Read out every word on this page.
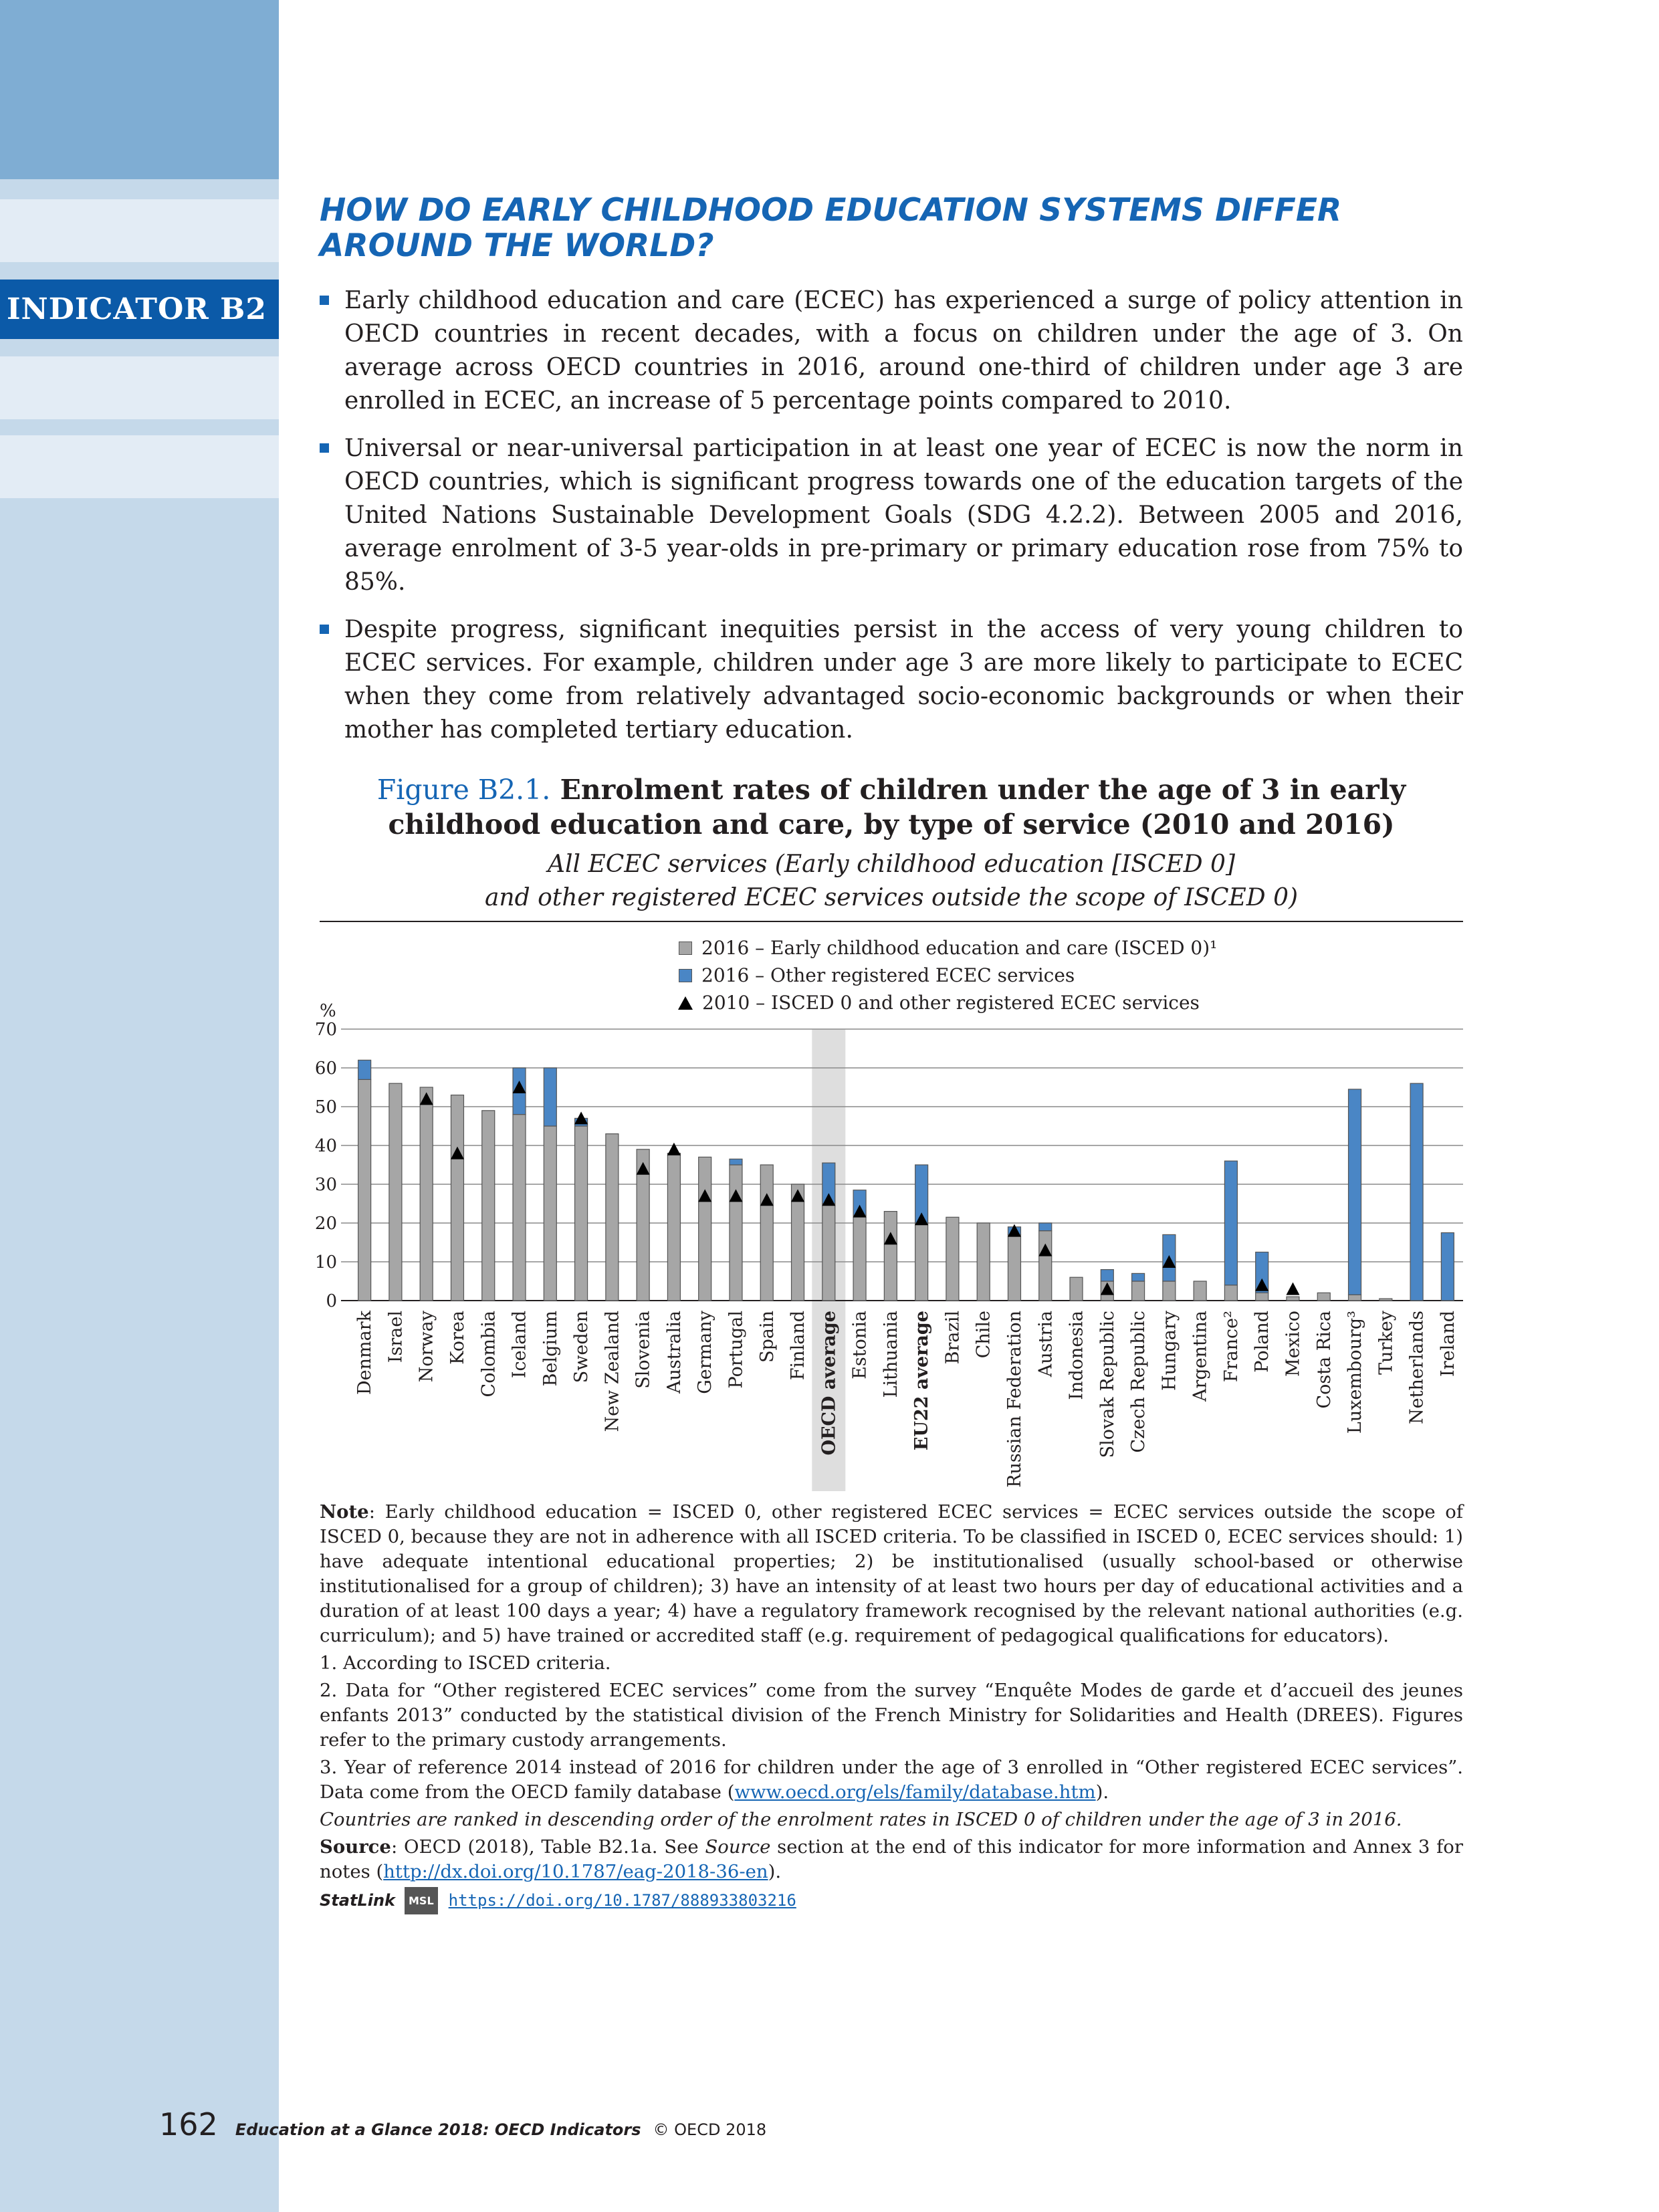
INDICATOR B2
HOW DO EARLY CHILDHOOD EDUCATION SYSTEMS DIFFER AROUND THE WORLD?
Early childhood education and care (ECEC) has experienced a surge of policy attention in OECD countries in recent decades, with a focus on children under the age of 3. On average across OECD countries in 2016, around one-third of children under age 3 are enrolled in ECEC, an increase of 5 percentage points compared to 2010.
Universal or near-universal participation in at least one year of ECEC is now the norm in OECD countries, which is significant progress towards one of the education targets of the United Nations Sustainable Development Goals (SDG 4.2.2). Between 2005 and 2016, average enrolment of 3-5 year-olds in pre-primary or primary education rose from 75% to 85%.
Despite progress, significant inequities persist in the access of very young children to ECEC services. For example, children under age 3 are more likely to participate to ECEC when they come from relatively advantaged socio-economic backgrounds or when their mother has completed tertiary education.
Figure B2.1. Enrolment rates of children under the age of 3 in early childhood education and care, by type of service (2010 and 2016)
All ECEC services (Early childhood education [ISCED 0]
and other registered ECEC services outside the scope of ISCED 0)
2016 – Early childhood education and care (ISCED 0)¹
2016 – Other registered ECEC services
2010 – ISCED 0 and other registered ECEC services
%
0
10
20
30
40
50
60
70
Denmark Israel Norway Korea Colombia Iceland Belgium Sweden New Zealand Slovenia Australia Germany Portugal Spain Finland OECD average Estonia Lithuania EU22 average Brazil Chile Russian Federation Austria Indonesia Slovak Republic Czech Republic Hungary Argentina France² Poland Mexico Costa Rica Luxembourg³ Turkey Netherlands Ireland

Note: Early childhood education = ISCED 0, other registered ECEC services = ECEC services outside the scope of ISCED 0, because they are not in adherence with all ISCED criteria. To be classified in ISCED 0, ECEC services should: 1) have adequate intentional educational properties; 2) be institutionalised (usually school-based or otherwise institutionalised for a group of children); 3) have an intensity of at least two hours per day of educational activities and a duration of at least 100 days a year; 4) have a regulatory framework recognised by the relevant national authorities (e.g. curriculum); and 5) have trained or accredited staff (e.g. requirement of pedagogical qualifications for educators).

1. According to ISCED criteria.

2. Data for “Other registered ECEC services” come from the survey “Enquête Modes de garde et d’accueil des jeunes enfants 2013” conducted by the statistical division of the French Ministry for Solidarities and Health (DREES). Figures refer to the primary custody arrangements.

3. Year of reference 2014 instead of 2016 for children under the age of 3 enrolled in “Other registered ECEC services”. Data come from the OECD family database (www.oecd.org/els/family/database.htm).

Countries are ranked in descending order of the enrolment rates in ISCED 0 of children under the age of 3 in 2016.

Source: OECD (2018), Table B2.1a. See Source section at the end of this indicator for more information and Annex 3 for notes (http://dx.doi.org/10.1787/eag-2018-36-en).

StatLink	MSL https://doi.org/10.1787/888933803216
162 Education at a Glance 2018: OECD Indicators © OECD 2018
